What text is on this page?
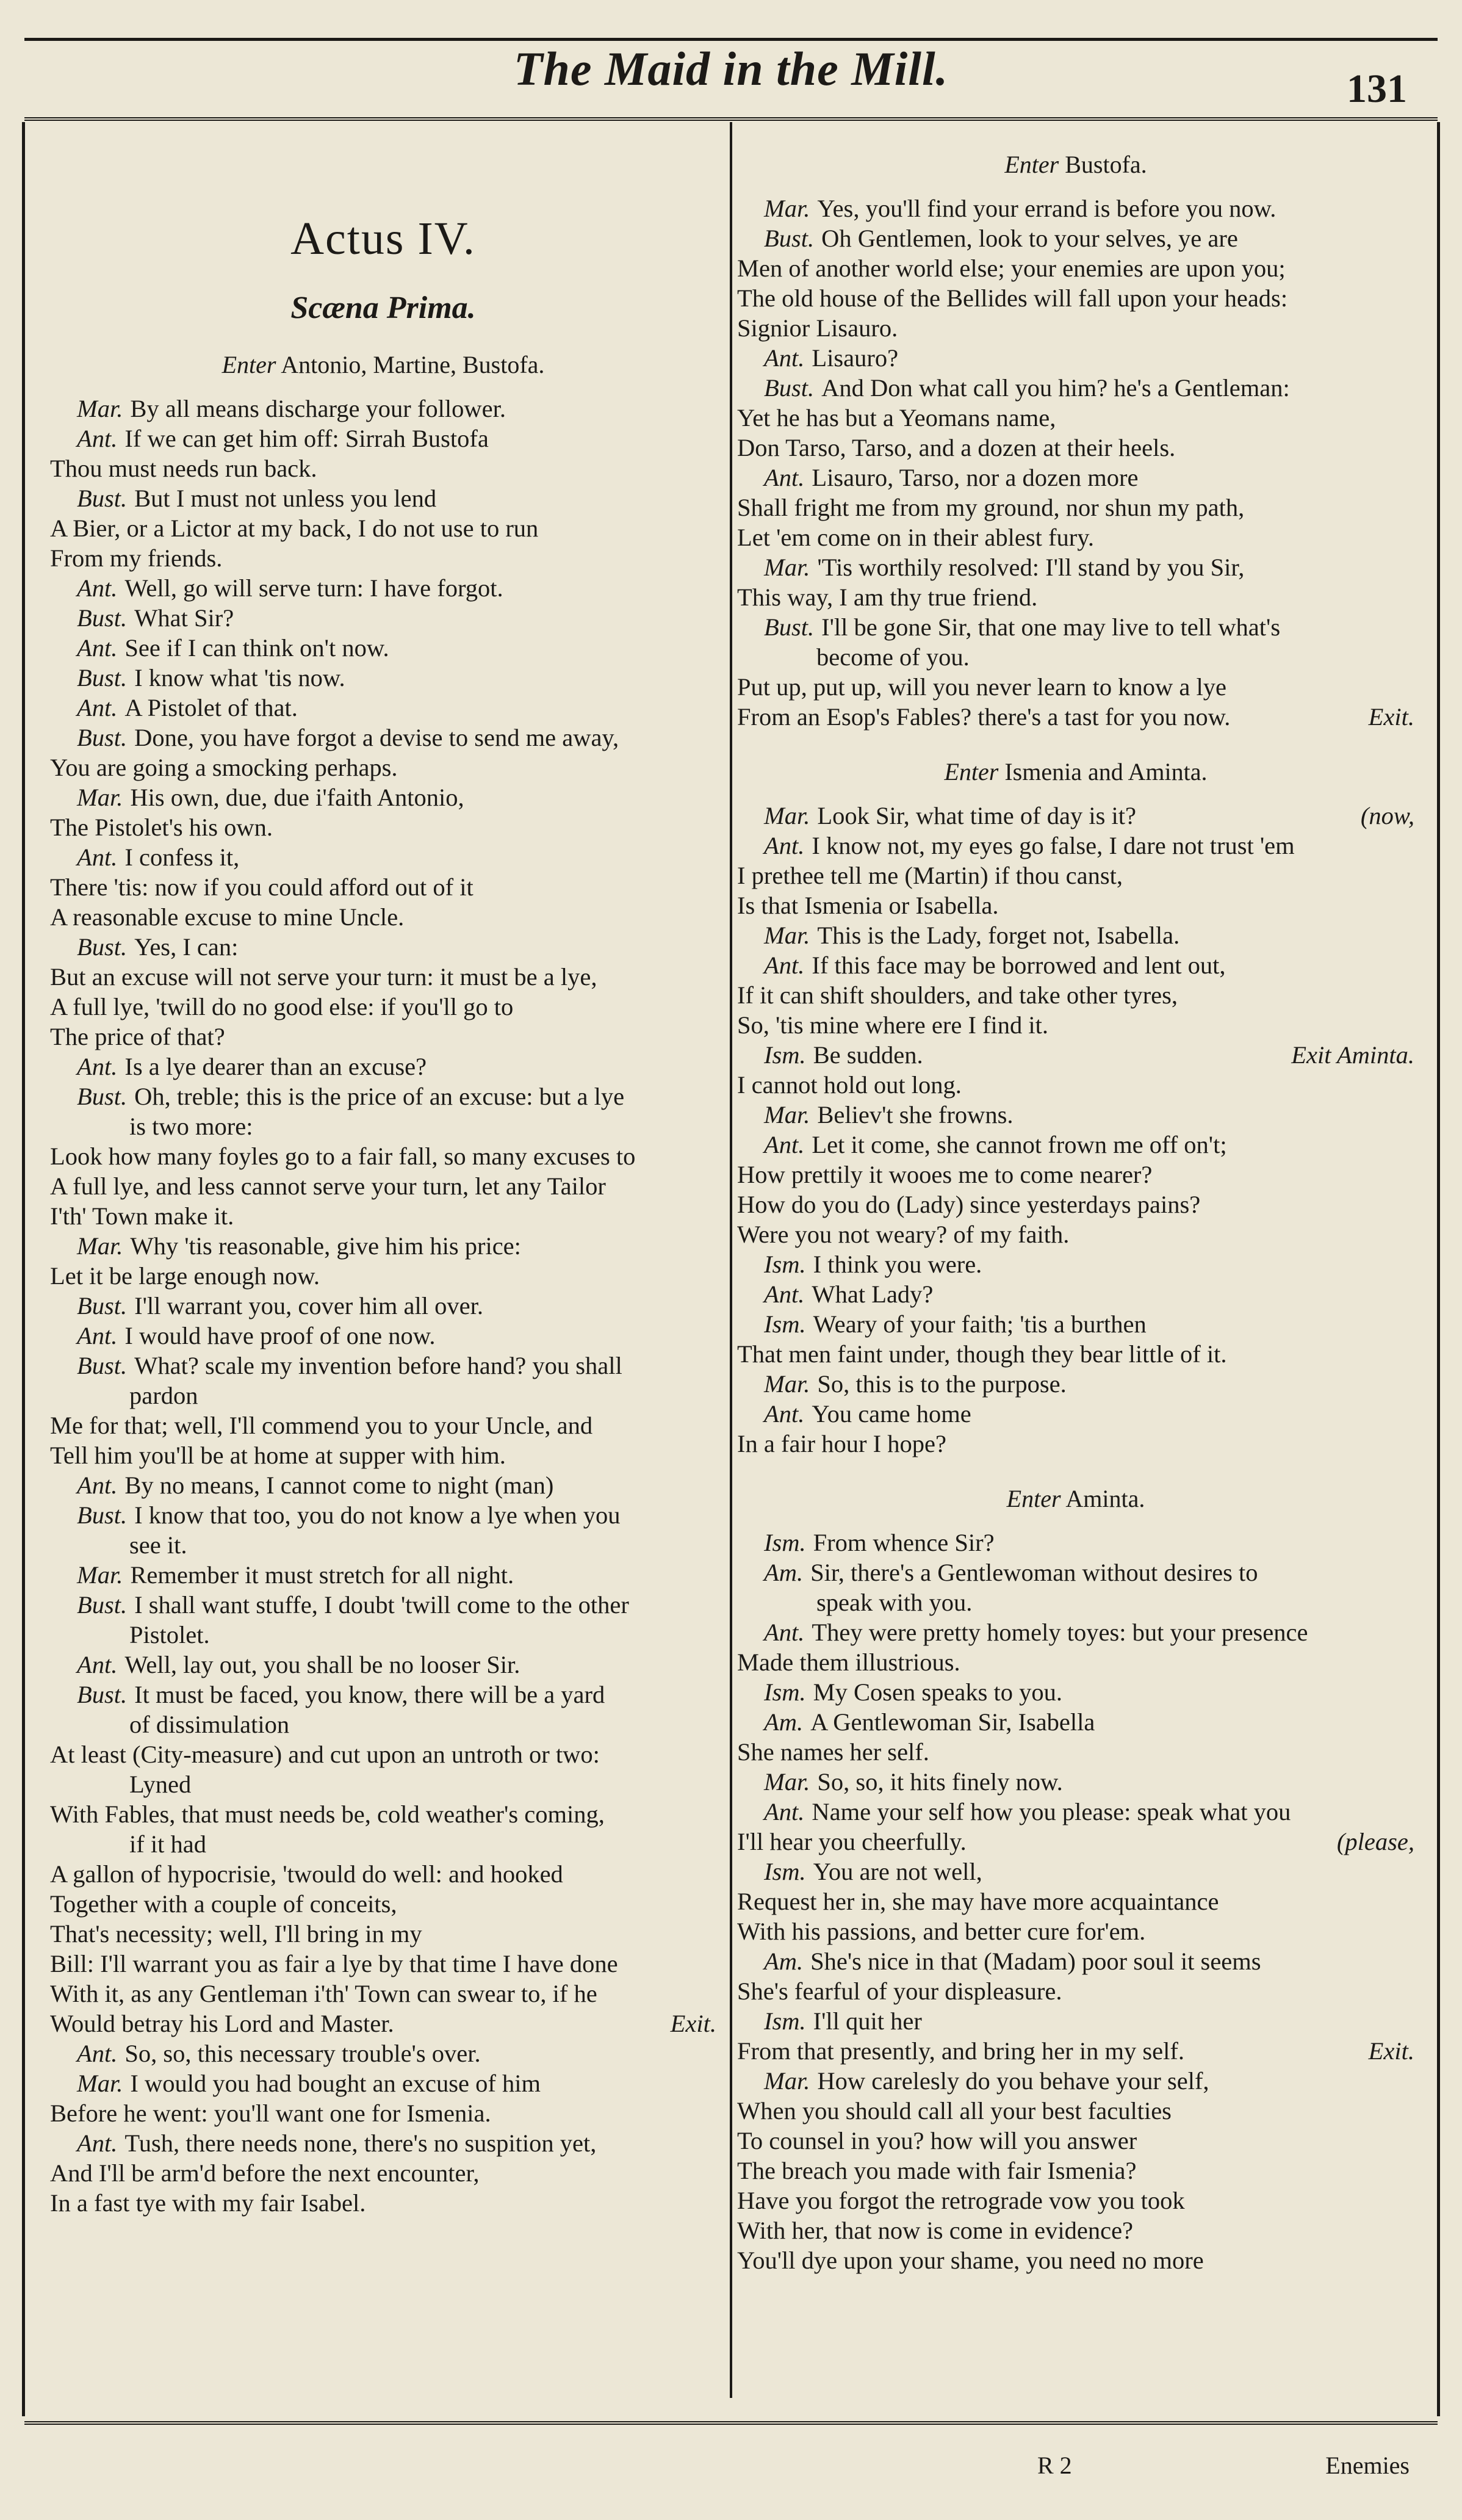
The Maid in the Mill.	131
Actus IV.
Scæna Prima.
Enter Antonio, Martine, Bustofa.

Mar. By all means discharge your follower.

Ant. If we can get him off: Sirrah Bustofa

Thou must needs run back.

Bust. But I must not unless you lend

A Bier, or a Lictor at my back, I do not use to run

From my friends.

Ant. Well, go will serve turn: I have forgot.

Bust. What Sir?

Ant. See if I can think on't now.

Bust. I know what 'tis now.

Ant. A Pistolet of that.

Bust. Done, you have forgot a devise to send me away,

You are going a smocking perhaps.

Mar. His own, due, due i'faith Antonio,

The Pistolet's his own.

Ant. I confess it,

There 'tis: now if you could afford out of it

A reasonable excuse to mine Uncle.

Bust. Yes, I can:

But an excuse will not serve your turn: it must be a lye,

A full lye, 'twill do no good else: if you'll go to

The price of that?

Ant. Is a lye dearer than an excuse?

Bust. Oh, treble; this is the price of an excuse: but a lye

is two more:

Look how many foyles go to a fair fall, so many excuses to

A full lye, and less cannot serve your turn, let any Tailor

I'th' Town make it.

Mar. Why 'tis reasonable, give him his price:

Let it be large enough now.

Bust. I'll warrant you, cover him all over.

Ant. I would have proof of one now.

Bust. What? scale my invention before hand? you shall

pardon

Me for that; well, I'll commend you to your Uncle, and

Tell him you'll be at home at supper with him.

Ant. By no means, I cannot come to night (man)

Bust. I know that too, you do not know a lye when you

see it.

Mar. Remember it must stretch for all night.

Bust. I shall want stuffe, I doubt 'twill come to the other

Pistolet.

Ant. Well, lay out, you shall be no looser Sir.

Bust. It must be faced, you know, there will be a yard

of dissimulation

At least (City-measure) and cut upon an untroth or two:

Lyned

With Fables, that must needs be, cold weather's coming,

if it had

A gallon of hypocrisie, 'twould do well: and hooked

Together with a couple of conceits,

That's necessity; well, I'll bring in my

Bill: I'll warrant you as fair a lye by that time I have done

With it, as any Gentleman i'th' Town can swear to, if he

Exit.
Would betray his Lord and Master.

Ant. So, so, this necessary trouble's over.

Mar. I would you had bought an excuse of him

Before he went: you'll want one for Ismenia.

Ant. Tush, there needs none, there's no suspition yet,

And I'll be arm'd before the next encounter,

In a fast tye with my fair Isabel.

Enter Bustofa.

Mar. Yes, you'll find your errand is before you now.

Bust. Oh Gentlemen, look to your selves, ye are

Men of another world else; your enemies are upon you;

The old house of the Bellides will fall upon your heads:

Signior Lisauro.

Ant. Lisauro?

Bust. And Don what call you him? he's a Gentleman:

Yet he has but a Yeomans name,

Don Tarso, Tarso, and a dozen at their heels.

Ant. Lisauro, Tarso, nor a dozen more

Shall fright me from my ground, nor shun my path,

Let 'em come on in their ablest fury.

Mar. 'Tis worthily resolved: I'll stand by you Sir,

This way, I am thy true friend.

Bust. I'll be gone Sir, that one may live to tell what's

become of you.

Put up, put up, will you never learn to know a lye

Exit.
From an Esop's Fables? there's a tast for you now.

Enter Ismenia and Aminta.

(now,
Mar. Look Sir, what time of day is it?

Ant. I know not, my eyes go false, I dare not trust 'em

I prethee tell me (Martin) if thou canst,

Is that Ismenia or Isabella.

Mar. This is the Lady, forget not, Isabella.

Ant. If this face may be borrowed and lent out,

If it can shift shoulders, and take other tyres,

So, 'tis mine where ere I find it.

Exit Aminta.
Ism. Be sudden.

I cannot hold out long.

Mar. Believ't she frowns.

Ant. Let it come, she cannot frown me off on't;

How prettily it wooes me to come nearer?

How do you do (Lady) since yesterdays pains?

Were you not weary? of my faith.

Ism. I think you were.

Ant. What Lady?

Ism. Weary of your faith; 'tis a burthen

That men faint under, though they bear little of it.

Mar. So, this is to the purpose.

Ant. You came home

In a fair hour I hope?

Enter Aminta.

Ism. From whence Sir?

Am. Sir, there's a Gentlewoman without desires to

speak with you.

Ant. They were pretty homely toyes: but your presence

Made them illustrious.

Ism. My Cosen speaks to you.

Am. A Gentlewoman Sir, Isabella

She names her self.

Mar. So, so, it hits finely now.

Ant. Name your self how you please: speak what you

(please,
I'll hear you cheerfully.

Ism. You are not well,

Request her in, she may have more acquaintance

With his passions, and better cure for'em.

Am. She's nice in that (Madam) poor soul it seems

She's fearful of your displeasure.

Ism. I'll quit her

Exit.
From that presently, and bring her in my self.

Mar. How carelesly do you behave your self,

When you should call all your best faculties

To counsel in you? how will you answer

The breach you made with fair Ismenia?

Have you forgot the retrograde vow you took

With her, that now is come in evidence?

You'll dye upon your shame, you need no more

R 2	Enemies
